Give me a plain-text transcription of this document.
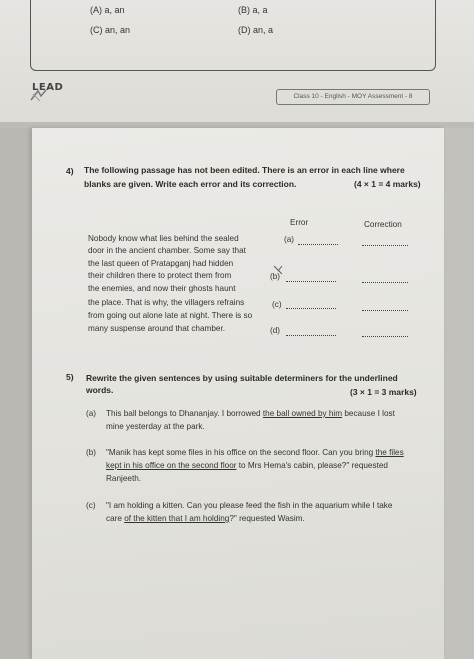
(A) a, an	(B) a, a
(C) an, an	(D) an, a
LEAD
Class 10 - English - MOY Assessment - 8
4) The following passage has not been edited. There is an error in each line where
blanks are given. Write each error and its correction.	(4 × 1 = 4 marks)
Error	Correction
Nobody know what lies behind the sealed	(a)
door in the ancient chamber. Some say that
the last queen of Pratapganj had hidden
their children there to protect them from	(b)
the enemies, and now their ghosts haunt
the place. That is why, the villagers refrains	(c)
from going out alone late at night. There is so
many suspense around that chamber.	(d)
5) Rewrite the given sentences by using suitable determiners for the underlined
words.	(3 × 1 = 3 marks)
(a) This ball belongs to Dhananjay. I borrowed the ball owned by him because I lost
mine yesterday at the park.
(b) "Manik has kept some files in his office on the second floor. Can you bring the files
kept in his office on the second floor to Mrs Hema's cabin, please?" requested
Ranjeeth.
(c) "I am holding a kitten. Can you please feed the fish in the aquarium while I take
care of the kitten that I am holding?" requested Wasim.
